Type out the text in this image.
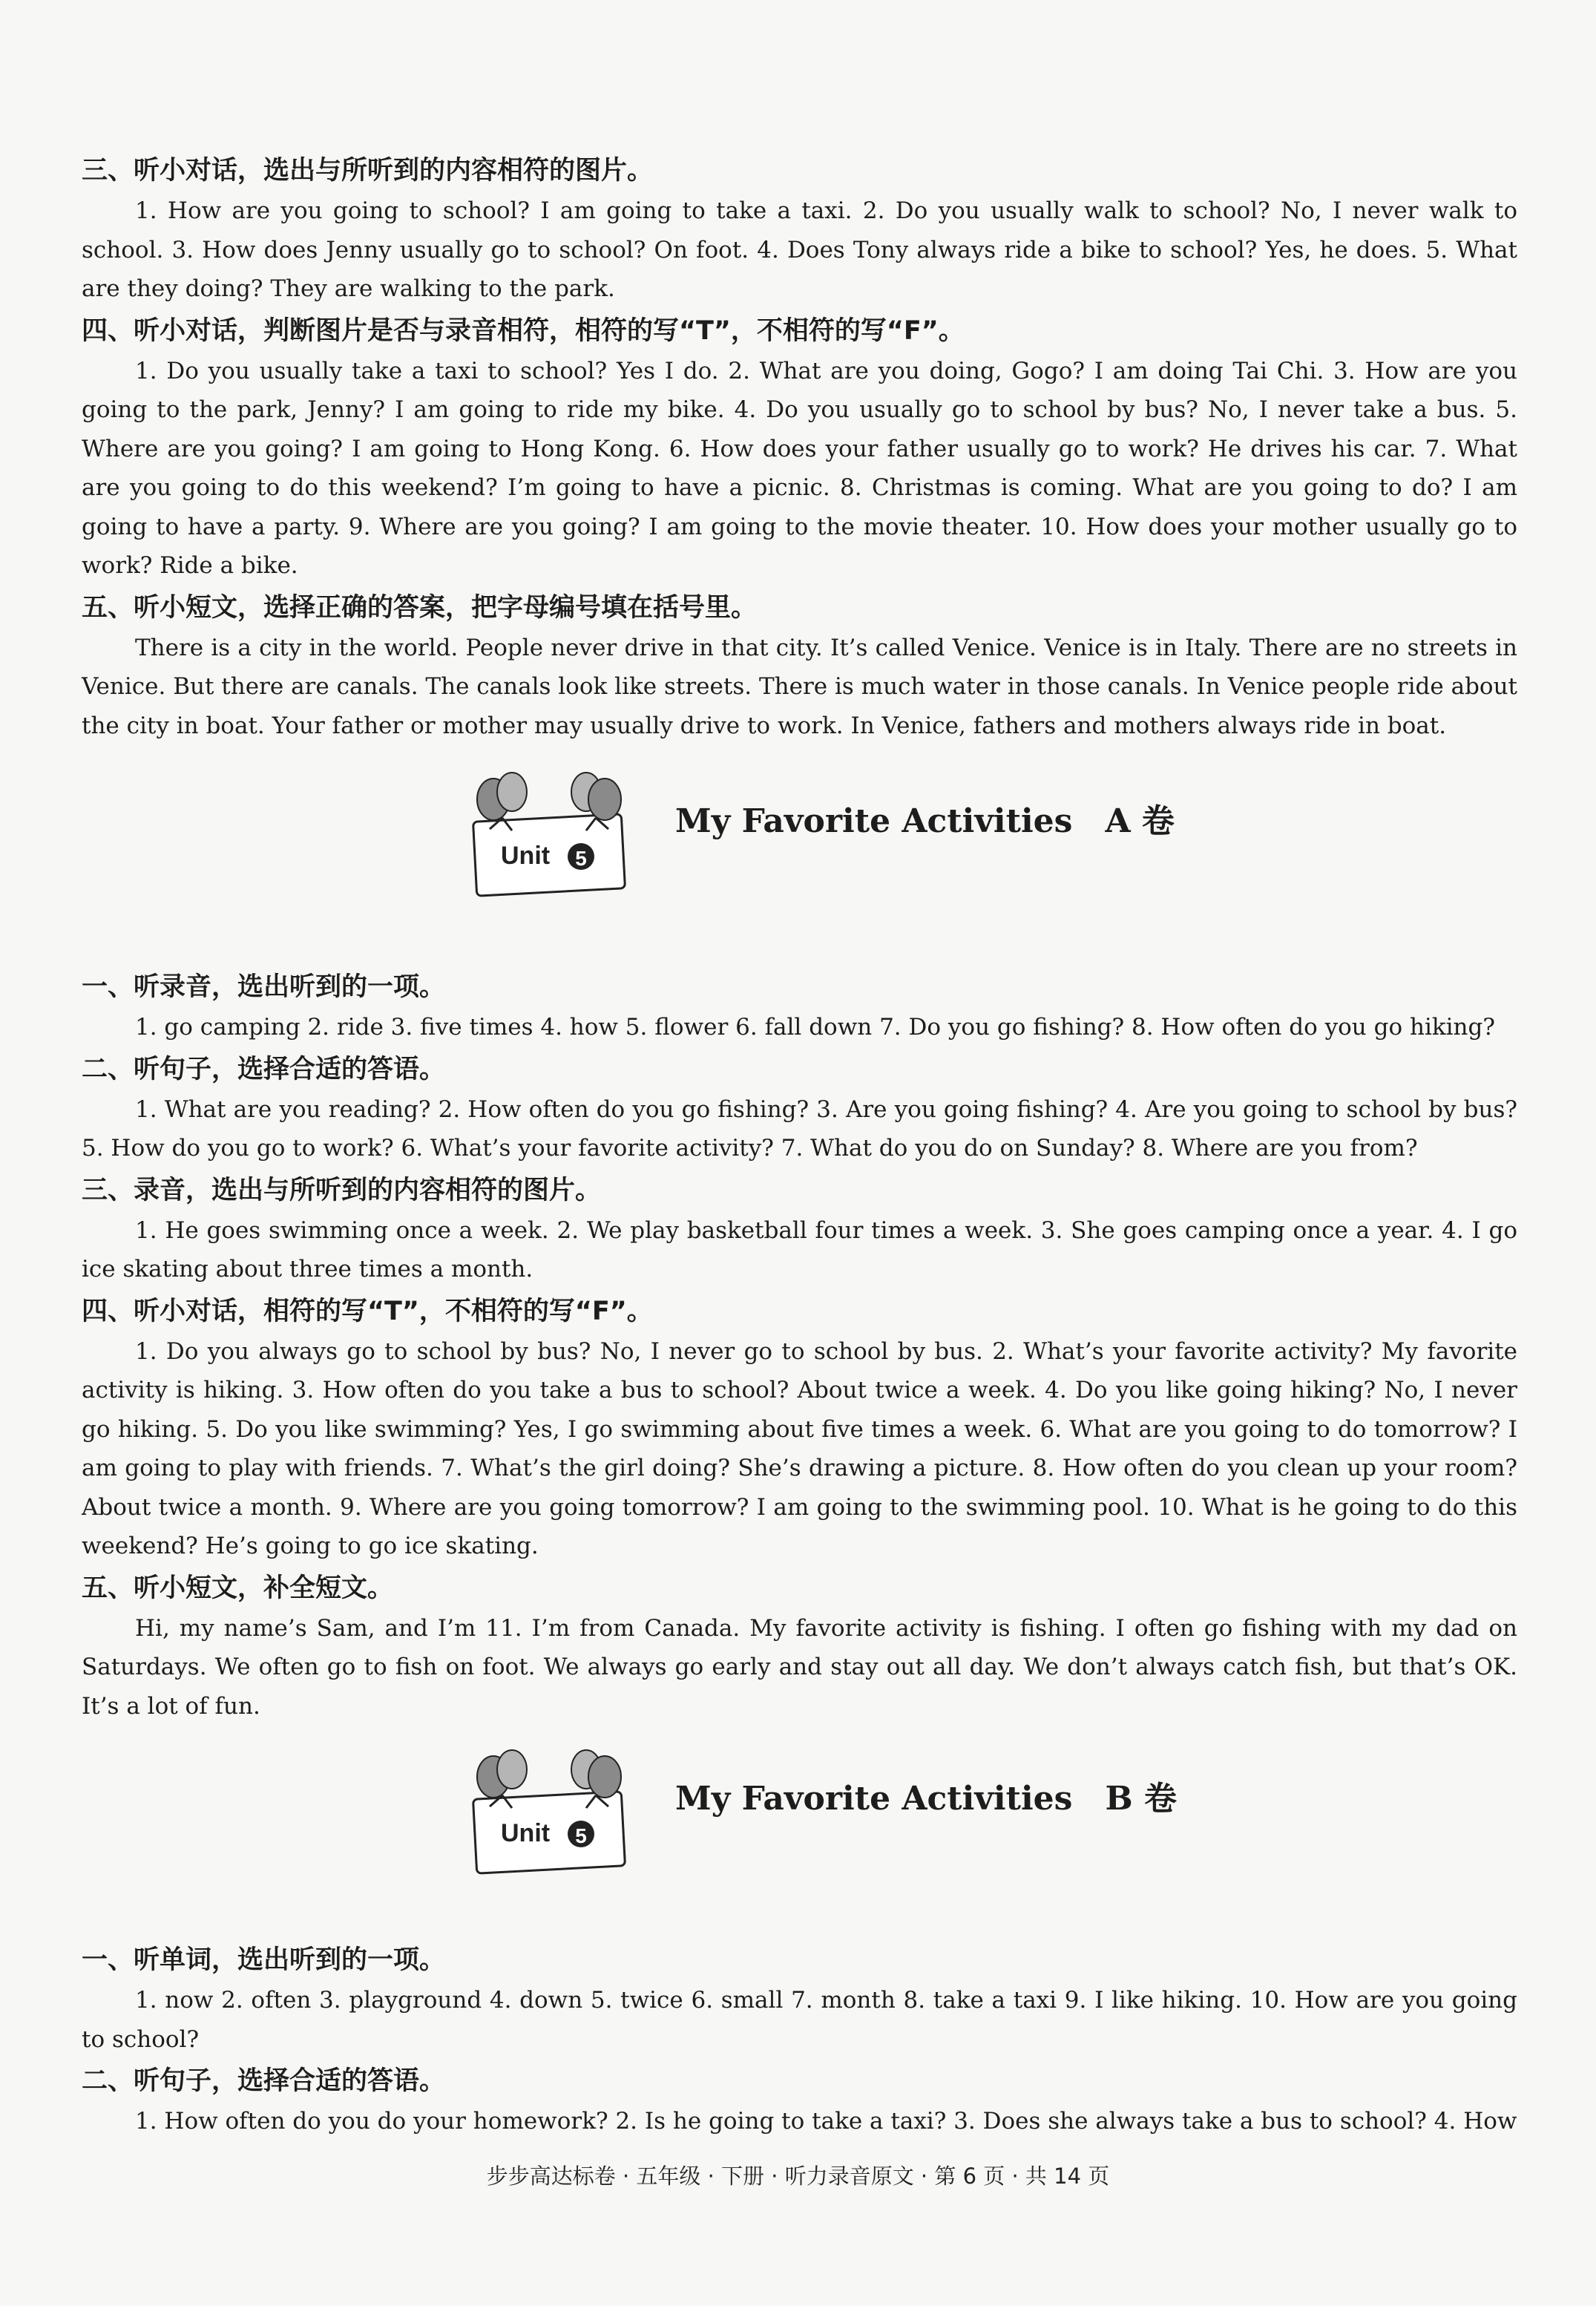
三、听小对话，选出与所听到的内容相符的图片。

1. How are you going to school? I am going to take a taxi. 2. Do you usually walk to school? No, I never walk to school. 3. How does Jenny usually go to school? On foot. 4. Does Tony always ride a bike to school? Yes, he does. 5. What are they doing? They are walking to the park.

四、听小对话，判断图片是否与录音相符，相符的写“T”，不相符的写“F”。

1. Do you usually take a taxi to school? Yes I do. 2. What are you doing, Gogo? I am doing Tai Chi. 3. How are you going to the park, Jenny? I am going to ride my bike. 4. Do you usually go to school by bus? No, I never take a bus. 5. Where are you going? I am going to Hong Kong. 6. How does your father usually go to work? He drives his car. 7. What are you going to do this weekend? I’m going to have a picnic. 8. Christmas is coming. What are you going to do? I am going to have a party. 9. Where are you going? I am going to the movie theater. 10. How does your mother usually go to work? Ride a bike.

五、听小短文，选择正确的答案，把字母编号填在括号里。

There is a city in the world. People never drive in that city. It’s called Venice. Venice is in Italy. There are no streets in Venice. But there are canals. The canals look like streets. There is much water in those canals. In Venice people ride about the city in boat. Your father or mother may usually drive to work. In Venice, fathers and mothers always ride in boat.

Unit 5
My Favorite Activities A 卷
一、听录音，选出听到的一项。

1. go camping 2. ride 3. five times 4. how 5. flower 6. fall down 7. Do you go fishing? 8. How often do you go hiking?

二、听句子，选择合适的答语。

1. What are you reading? 2. How often do you go fishing? 3. Are you going fishing? 4. Are you going to school by bus? 5. How do you go to work? 6. What’s your favorite activity? 7. What do you do on Sunday? 8. Where are you from?

三、录音，选出与所听到的内容相符的图片。

1. He goes swimming once a week. 2. We play basketball four times a week. 3. She goes camping once a year. 4. I go ice skating about three times a month.

四、听小对话，相符的写“T”，不相符的写“F”。

1. Do you always go to school by bus? No, I never go to school by bus. 2. What’s your favorite activity? My favorite activity is hiking. 3. How often do you take a bus to school? About twice a week. 4. Do you like going hiking? No, I never go hiking. 5. Do you like swimming? Yes, I go swimming about five times a week. 6. What are you going to do tomorrow? I am going to play with friends. 7. What’s the girl doing? She’s drawing a picture. 8. How often do you clean up your room? About twice a month. 9. Where are you going tomorrow? I am going to the swimming pool. 10. What is he going to do this weekend? He’s going to go ice skating.

五、听小短文，补全短文。

Hi, my name’s Sam, and I’m 11. I’m from Canada. My favorite activity is fishing. I often go fishing with my dad on Saturdays. We often go to fish on foot. We always go early and stay out all day. We don’t always catch fish, but that’s OK. It’s a lot of fun.

Unit 5
My Favorite Activities B 卷
一、听单词，选出听到的一项。

1. now 2. often 3. playground 4. down 5. twice 6. small 7. month 8. take a taxi 9. I like hiking. 10. How are you going to school?

二、听句子，选择合适的答语。

1. How often do you do your homework? 2. Is he going to take a taxi? 3. Does she always take a bus to school? 4. How

步步高达标卷 · 五年级 · 下册 · 听力录音原文 · 第 6 页 · 共 14 页
